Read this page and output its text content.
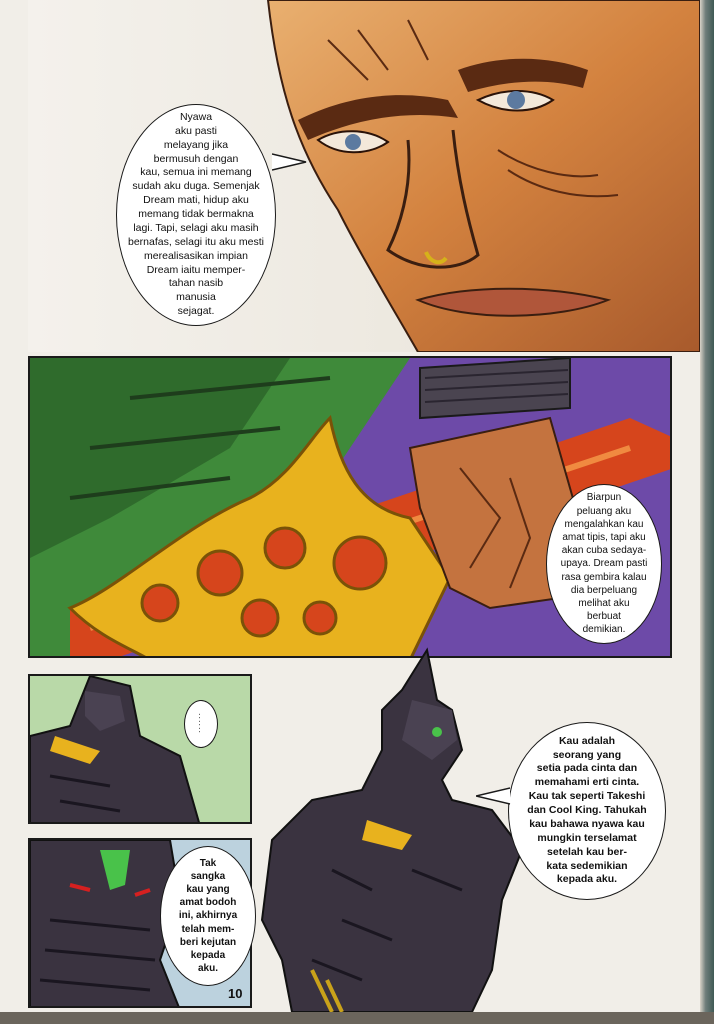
Nyawa
aku pasti
melayang jika
bermusuh dengan
kau, semua ini memang
sudah aku duga. Semenjak
Dream mati, hidup aku
memang tidak bermakna
lagi. Tapi, selagi aku masih
bernafas, selagi itu aku mesti
merealisasikan impian
Dream iaitu memper-
tahan nasib
manusia
sejagat.
Biarpun
peluang aku
mengalahkan kau
amat tipis, tapi aku
akan cuba sedaya-
upaya. Dream pasti
rasa gembira kalau
dia berpeluang
melihat aku
berbuat
demikian.
......
Tak
sangka
kau yang
amat bodoh
ini, akhirnya
telah mem-
beri kejutan
kepada
aku.
Kau adalah
seorang yang
setia pada cinta dan
memahami erti cinta.
Kau tak seperti Takeshi
dan Cool King. Tahukah
kau bahawa nyawa kau
mungkin terselamat
setelah kau ber-
kata sedemikian
kepada aku.
10
